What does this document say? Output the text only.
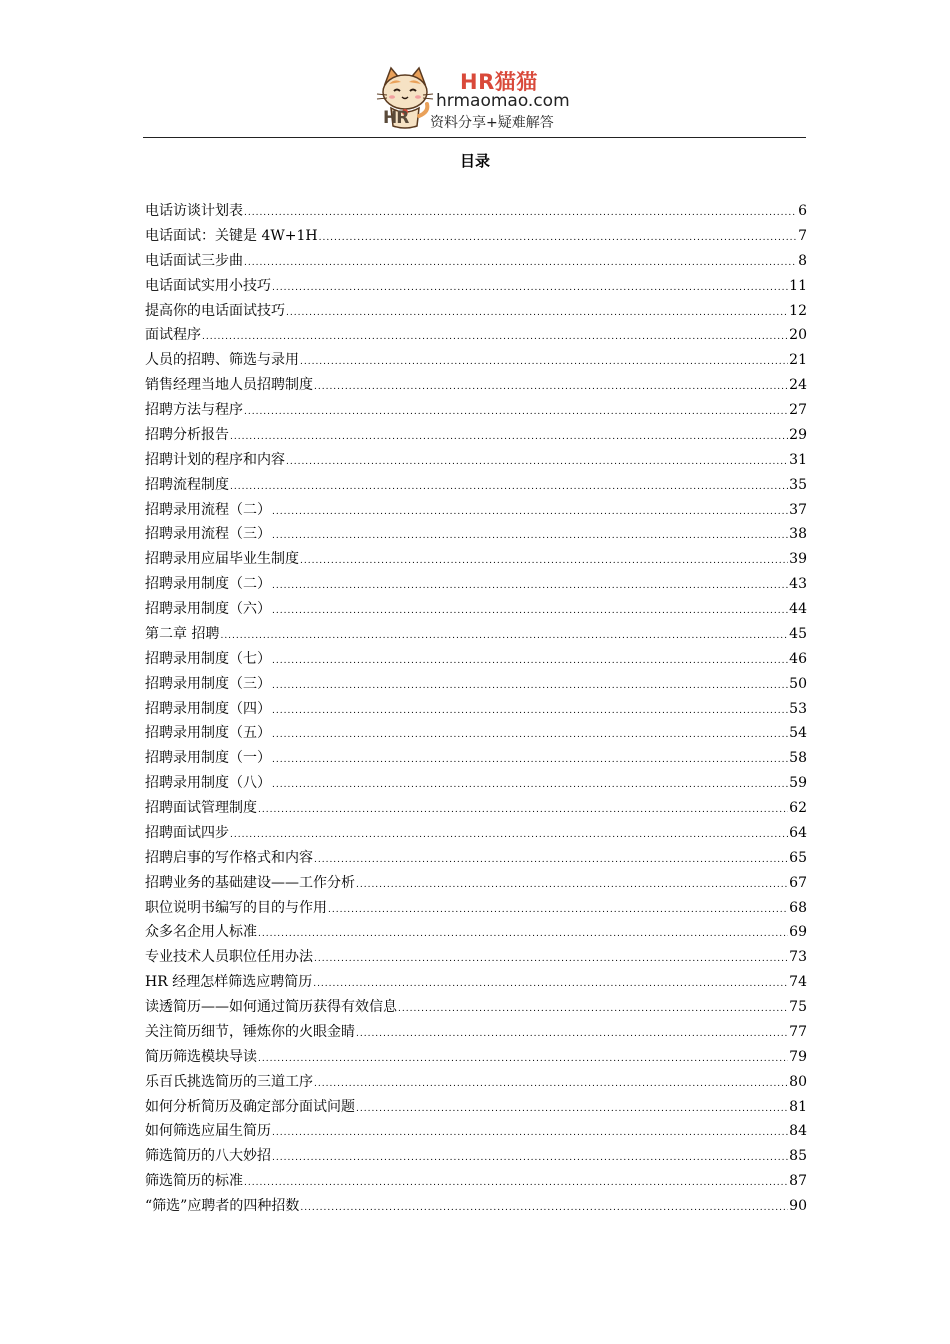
HR猫猫
hrmaomao.com
HR 资料分享+疑难解答
目录
电话访谈计划表 .....	6
电话面试：关键是 4W+1H .....	7
电话面试三步曲 .....	8
电话面试实用小技巧 .....	11
提高你的电话面试技巧 .....	12
面试程序 .....	20
人员的招聘、筛选与录用 .....	21
销售经理当地人员招聘制度 .....	24
招聘方法与程序 .....	27
招聘分析报告 .....	29
招聘计划的程序和内容 .....	31
招聘流程制度 .....	35
招聘录用流程（二） .....	37
招聘录用流程（三） .....	38
招聘录用应届毕业生制度 .....	39
招聘录用制度（二） .....	43
招聘录用制度（六） .....	44
第二章 招聘 .....	45
招聘录用制度（七） .....	46
招聘录用制度（三） .....	50
招聘录用制度（四） .....	53
招聘录用制度（五） .....	54
招聘录用制度（一） .....	58
招聘录用制度（八） .....	59
招聘面试管理制度 .....	62
招聘面试四步 .....	64
招聘启事的写作格式和内容 .....	65
招聘业务的基础建设——工作分析 .....	67
职位说明书编写的目的与作用 .....	68
众多名企用人标准 .....	69
专业技术人员职位任用办法 .....	73
HR 经理怎样筛选应聘简历 .....	74
读透简历——如何通过简历获得有效信息 .....	75
关注简历细节，锤炼你的火眼金睛 .....	77
简历筛选模块导读 .....	79
乐百氏挑选简历的三道工序 .....	80
如何分析简历及确定部分面试问题 .....	81
如何筛选应届生简历 .....	84
筛选简历的八大妙招 .....	85
筛选简历的标准 .....	87
“筛选”应聘者的四种招数 .....	90
